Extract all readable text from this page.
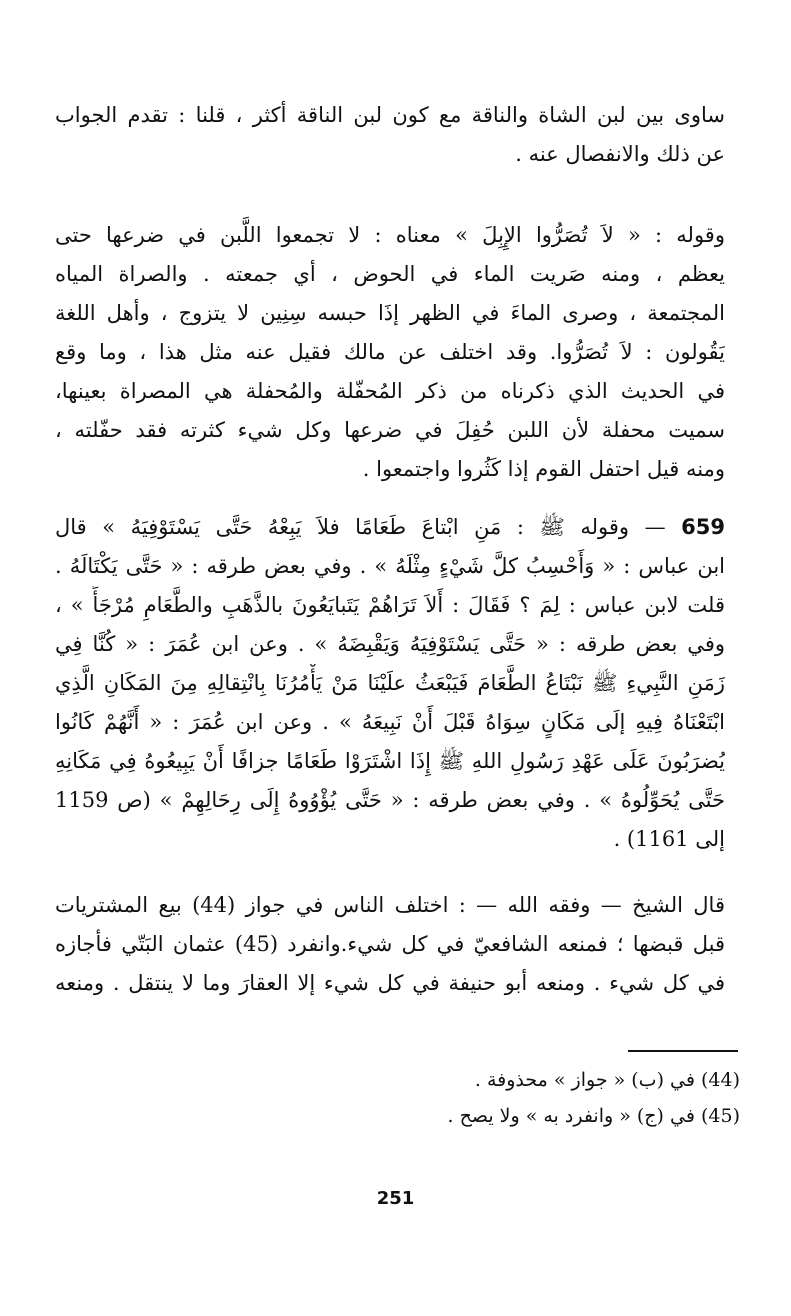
ساوى بين لبن الشاة والناقة مع كون لبن الناقة أكثر ، قلنا : تقدم الجواب
عن ذلك والانفصال عنه .
وقوله : « لاَ تُصَرُّوا الإِبِلَ » معناه : لا تجمعوا اللَّبن في ضرعها حتى
يعظم ، ومنه صَريت الماء في الحوض ، أي جمعته . والصراة المياه
المجتمعة ، وصرى الماءَ في الظهر إذَا حبسه سِنِين لا يتزوج ، وأهل اللغة
يَقُولون : لاَ تُصَرُّوا. وقد اختلف عن مالك فقيل عنه مثل هذا ، وما وقع
في الحديث الذي ذكرناه من ذكر المُحفّلة والمُحفلة هي المصراة بعينها،
سميت محفلة لأن اللبن حُفِلَ في ضرعها وكل شيء كثرته فقد حفّلته ،
ومنه قيل احتفل القوم إذا كَثُروا واجتمعوا .
659 — وقوله ﷺ : مَنِ ابْتاعَ طَعَامًا فلاَ يَبِعْهُ حَتَّى يَسْتَوْفِيَهُ » قال
ابن عباس : « وَأَحْسِبُ كلَّ شَيْءٍ مِثْلَهُ » . وفي بعض طرقه : « حَتَّى يَكْتَالَهُ .
قلت لابن عباس : لِمَ ؟ فَقَالَ : أَلاَ تَرَاهُمْ يَتَبايَعُونَ بالذَّهَبِ والطَّعَامِ مُرْجَأً » ،
وفي بعض طرقه : « حَتَّى يَسْتَوْفِيَهُ وَيَقْبِضَهُ » . وعن ابن عُمَرَ : « كُنَّا فِي
زَمَنِ النَّبِيءِ ﷺ نَبْتَاعُ الطَّعَامَ فَيَبْعَثُ علَيْنَا مَنْ يَأْمُرُنَا بِانْتِقالِهِ مِنَ المَكَانِ الَّذِي
ابْتَعْنَاهُ فِيهِ إلَى مَكَانٍ سِوَاهُ قَبْلَ أَنْ نَبِيعَهُ » . وعن ابن عُمَرَ : « أَنَّهُمْ كَانُوا
يُضرَبُونَ عَلَى عَهْدِ رَسُولِ اللهِ ﷺ إِذَا اشْتَرَوْا طَعَامًا جزافًا أَنْ يَبِيعُوهُ فِي مَكَانِهِ
حَتَّى يُحَوِّلُوهُ » . وفي بعض طرقه : « حَتَّى يُؤْوُوهُ إِلَى رِحَالِهِمْ » (ص 1159
إلى 1161) .
قال الشيخ — وفقه الله — : اختلف الناس في جواز (44) بيع المشتريات
قبل قبضها ؛ فمنعه الشافعيّ في كل شيء.وانفرد (45) عثمان البَتّي فأجازه
في كل شيء . ومنعه أبو حنيفة في كل شيء إلا العقارَ وما لا ينتقل . ومنعه
(44) في (ب) « جواز » محذوفة .
(45) في (ج) « وانفرد به » ولا يصح .
251
